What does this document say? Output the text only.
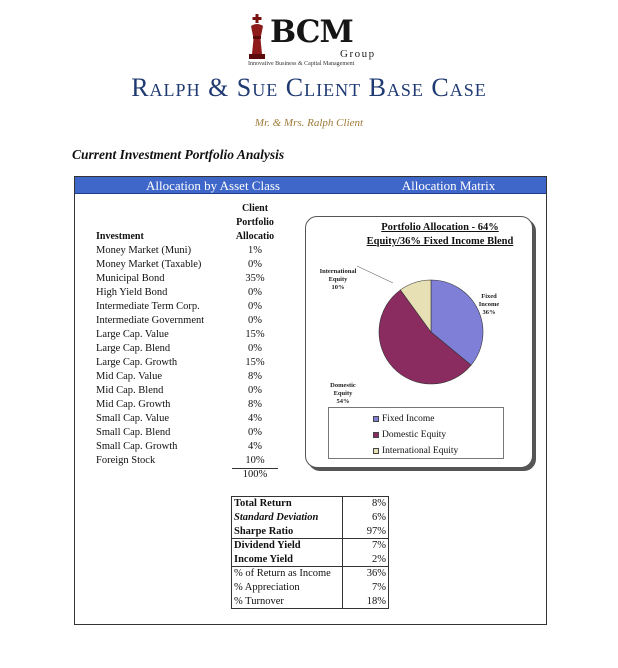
BCM
Group
Innovative Business & Capital Management
Ralph & Sue Client Base Case
Mr. & Mrs. Ralph Client
Current Investment Portfolio Analysis
Allocation by Asset Class	Allocation Matrix
Client
Portfolio
Allocatio
Investment
Money Market (Muni)	1%
Money Market (Taxable)	0%
Municipal Bond	35%
High Yield Bond	0%
Intermediate Term Corp.	0%
Intermediate Government	0%
Large Cap. Value	15%
Large Cap. Blend	0%
Large Cap. Growth	15%
Mid Cap. Value	8%
Mid Cap. Blend	0%
Mid Cap. Growth	8%
Small Cap. Value	4%
Small Cap. Blend	0%
Small Cap. Growth	4%
Foreign Stock	10%
100%
Portfolio Allocation - 64%
Equity/36% Fixed Income Blend
Fixed
Income
36%
Domestic
Equity
54%
International
Equity
10%
Fixed Income
Domestic Equity
International Equity
Total Return	8%
Standard Deviation	6%
Sharpe Ratio	97%
Dividend Yield	7%
Income Yield	2%
% of Return as Income	36%
% Appreciation	7%
% Turnover	18%
